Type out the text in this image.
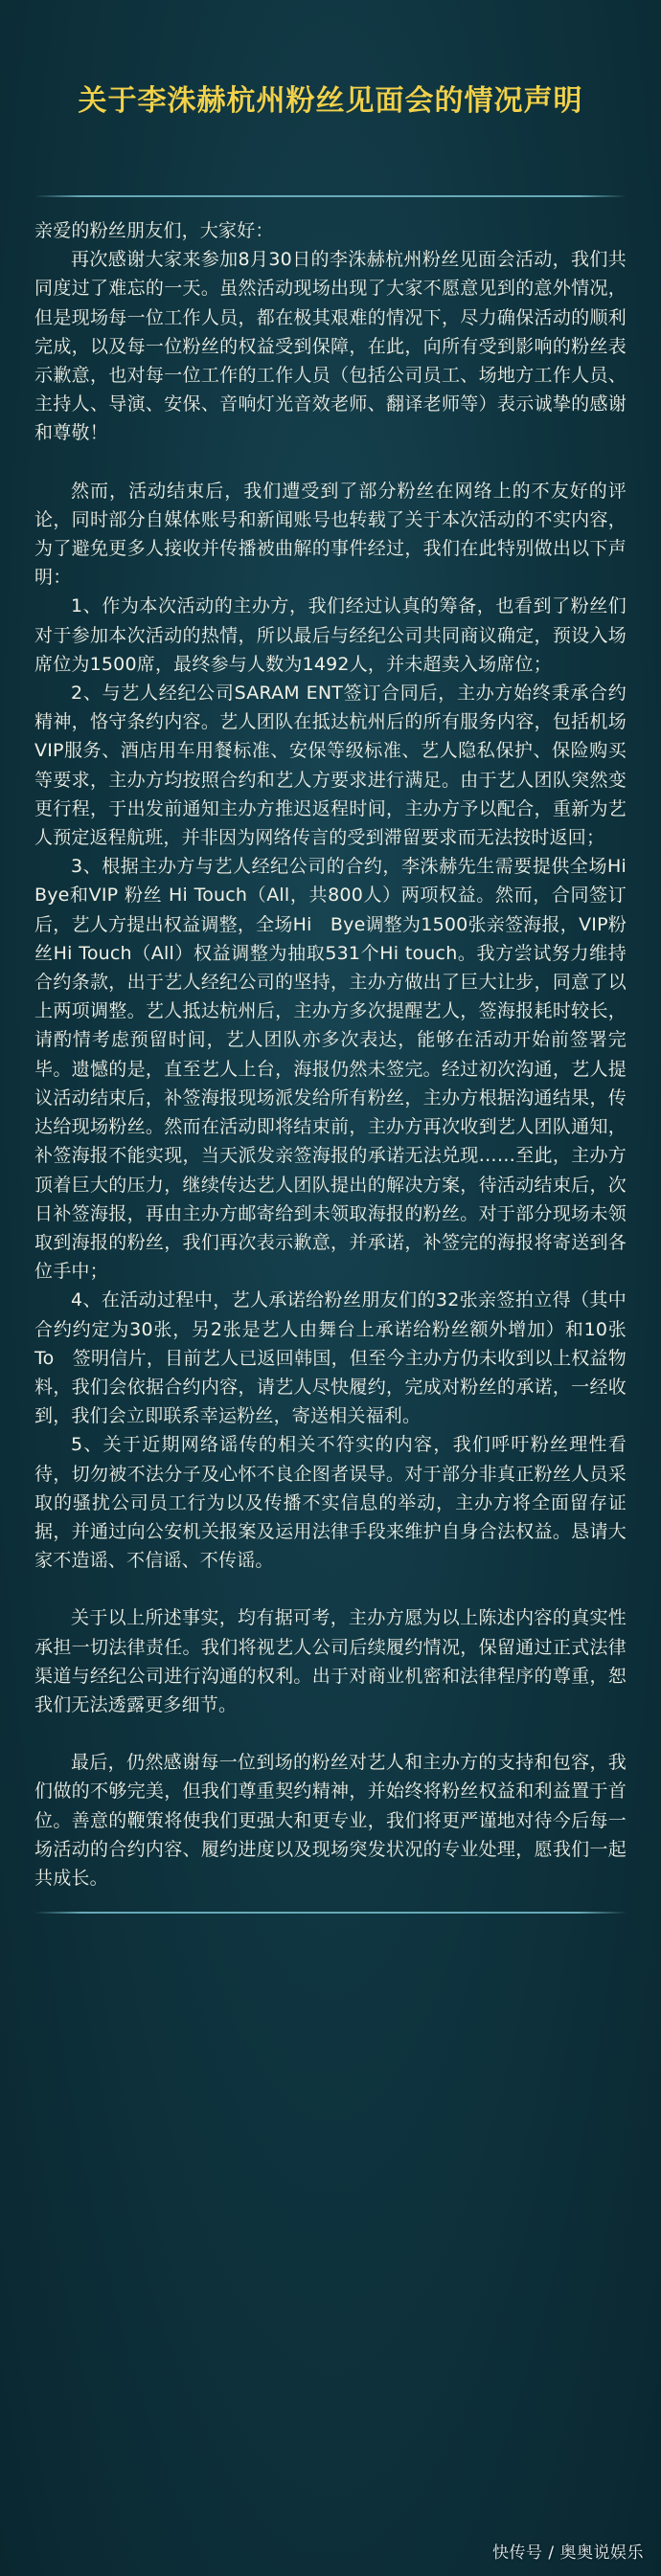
关于李洙赫杭州粉丝见面会的情况声明

亲爱的粉丝朋友们，大家好：

再次感谢大家来参加8月30日的李洙赫杭州粉丝见面会活动，我们共同度过了难忘的一天。虽然活动现场出现了大家不愿意见到的意外情况，但是现场每一位工作人员，都在极其艰难的情况下，尽力确保活动的顺利完成，以及每一位粉丝的权益受到保障，在此，向所有受到影响的粉丝表示歉意，也对每一位工作的工作人员（包括公司员工、场地方工作人员、主持人、导演、安保、音响灯光音效老师、翻译老师等）表示诚挚的感谢和尊敬！

然而，活动结束后，我们遭受到了部分粉丝在网络上的不友好的评论，同时部分自媒体账号和新闻账号也转载了关于本次活动的不实内容，为了避免更多人接收并传播被曲解的事件经过，我们在此特别做出以下声明：

1、作为本次活动的主办方，我们经过认真的筹备，也看到了粉丝们对于参加本次活动的热情，所以最后与经纪公司共同商议确定，预设入场席位为1500席，最终参与人数为1492人，并未超卖入场席位；

2、与艺人经纪公司SARAM ENT签订合同后，主办方始终秉承合约精神，恪守条约内容。艺人团队在抵达杭州后的所有服务内容，包括机场VIP服务、酒店用车用餐标准、安保等级标准、艺人隐私保护、保险购买等要求，主办方均按照合约和艺人方要求进行满足。由于艺人团队突然变更行程，于出发前通知主办方推迟返程时间，主办方予以配合，重新为艺人预定返程航班，并非因为网络传言的受到滞留要求而无法按时返回；

3、根据主办方与艺人经纪公司的合约，李洙赫先生需要提供全场Hi Bye和VIP 粉丝 Hi Touch（All，共800人）两项权益。然而，合同签订后，艺人方提出权益调整，全场Hi　Bye调整为1500张亲签海报，VIP粉丝Hi Touch（All）权益调整为抽取531个Hi touch。我方尝试努力维持合约条款，出于艺人经纪公司的坚持，主办方做出了巨大让步，同意了以上两项调整。艺人抵达杭州后，主办方多次提醒艺人，签海报耗时较长，请酌情考虑预留时间，艺人团队亦多次表达，能够在活动开始前签署完毕。遗憾的是，直至艺人上台，海报仍然未签完。经过初次沟通，艺人提议活动结束后，补签海报现场派发给所有粉丝，主办方根据沟通结果，传达给现场粉丝。然而在活动即将结束前，主办方再次收到艺人团队通知，补签海报不能实现，当天派发亲签海报的承诺无法兑现……至此，主办方顶着巨大的压力，继续传达艺人团队提出的解决方案，待活动结束后，次日补签海报，再由主办方邮寄给到未领取海报的粉丝。对于部分现场未领取到海报的粉丝，我们再次表示歉意，并承诺，补签完的海报将寄送到各位手中；

4、在活动过程中，艺人承诺给粉丝朋友们的32张亲签拍立得（其中合约约定为30张，另2张是艺人由舞台上承诺给粉丝额外增加）和10张To　签明信片，目前艺人已返回韩国，但至今主办方仍未收到以上权益物料，我们会依据合约内容，请艺人尽快履约，完成对粉丝的承诺，一经收到，我们会立即联系幸运粉丝，寄送相关福利。

5、关于近期网络谣传的相关不符实的内容，我们呼吁粉丝理性看待，切勿被不法分子及心怀不良企图者误导。对于部分非真正粉丝人员采取的骚扰公司员工行为以及传播不实信息的举动，主办方将全面留存证据，并通过向公安机关报案及运用法律手段来维护自身合法权益。恳请大家不造谣、不信谣、不传谣。

关于以上所述事实，均有据可考，主办方愿为以上陈述内容的真实性承担一切法律责任。我们将视艺人公司后续履约情况，保留通过正式法律渠道与经纪公司进行沟通的权利。出于对商业机密和法律程序的尊重，恕我们无法透露更多细节。

最后，仍然感谢每一位到场的粉丝对艺人和主办方的支持和包容，我们做的不够完美，但我们尊重契约精神，并始终将粉丝权益和利益置于首位。善意的鞭策将使我们更强大和更专业，我们将更严谨地对待今后每一场活动的合约内容、履约进度以及现场突发状况的专业处理，愿我们一起共成长。

快传号 / 奥奥说娱乐
